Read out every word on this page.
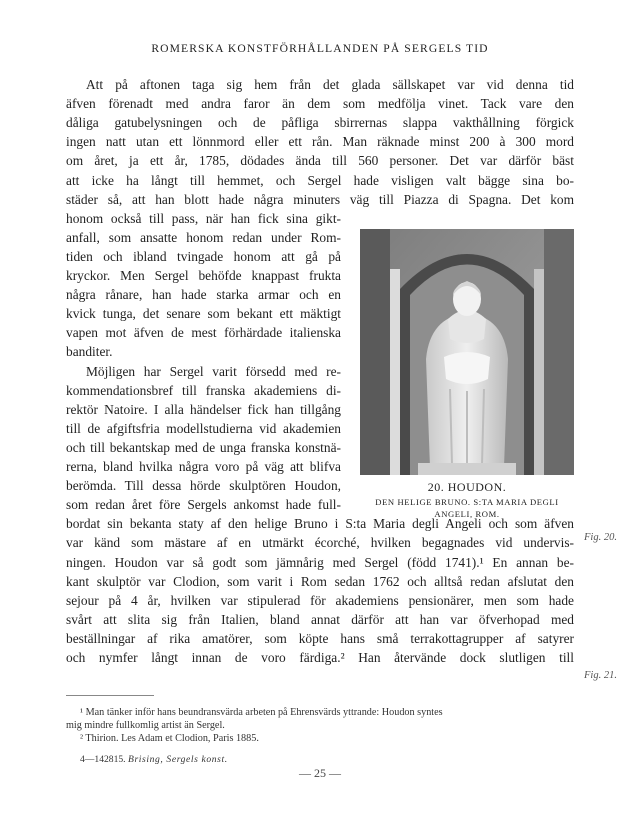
ROMERSKA KONSTFÖRHÅLLANDEN PÅ SERGELS TID
Att på aftonen taga sig hem från det glada sällskapet var vid denna tid
äfven förenadt med andra faror än dem som medfölja vinet. Tack vare den
dåliga gatubelysningen och de påfliga sbirrernas slappa vakthållning förgick
ingen natt utan ett lönnmord eller ett rån. Man räknade minst 200 à 300 mord
om året, ja ett år, 1785, dödades ända till 560 personer. Det var därför bäst
att icke ha långt till hemmet, och Sergel hade visligen valt bägge sina bo-
städer så, att han blott hade några minuters väg till Piazza di Spagna. Det kom
honom också till pass, när han fick sina gikt-
anfall, som ansatte honom redan under Rom-
tiden och ibland tvingade honom att gå på
kryckor. Men Sergel behöfde knappast frukta
några rånare, han hade starka armar och en
kvick tunga, det senare som bekant ett mäktigt
vapen mot äfven de mest förhärdade italienska
banditer.
Möjligen har Sergel varit försedd med re-
kommendationsbref till franska akademiens di-
rektör Natoire. I alla händelser fick han tillgång
till de afgiftsfria modellstudierna vid akademien
och till bekantskap med de unga franska konstnä-
rerna, bland hvilka några voro på väg att blifva
berömda. Till dessa hörde skulptören Houdon,
som redan året före Sergels ankomst hade full-
bordat sin bekanta staty af den helige Bruno i S:ta Maria degli Angeli och som äfven
var känd som mästare af en utmärkt écorché, hvilken begagnades vid undervis-
ningen. Houdon var så godt som jämnårig med Sergel (född 1741).¹ En annan be-
kant skulptör var Clodion, som varit i Rom sedan 1762 och alltså redan afslutat den
sejour på 4 år, hvilken var stipulerad för akademiens pensionärer, men som hade
svårt att slita sig från Italien, bland annat därför att han var öfverhopad med
beställningar af rika amatörer, som köpte hans små terrakottagrupper af satyrer
och nymfer långt innan de voro färdiga.² Han återvände dock slutligen till
20. HOUDON.
DEN HELIGE BRUNO. S:TA MARIA DEGLI
ANGELI, ROM.
Fig. 20.
Fig. 21.
¹ Man tänker inför hans beundransvärda arbeten på Ehrensvärds yttrande: Houdon syntes
mig mindre fullkomlig artist än Sergel.
² Thirion. Les Adam et Clodion, Paris 1885.
4—142815. Brising, Sergels konst.
— 25 —
